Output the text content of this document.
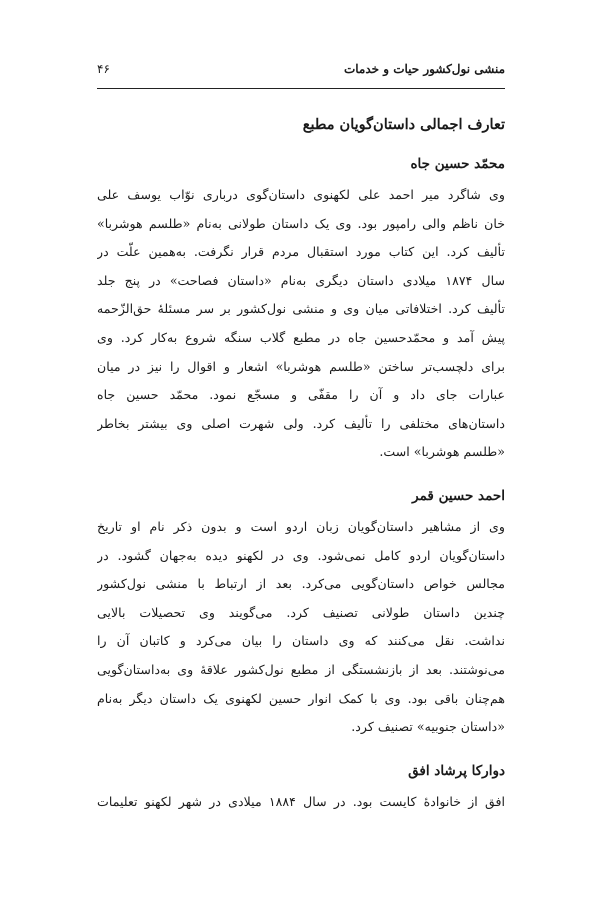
منشی نول‌کشور حیات و خدمات
۴۶
تعارف اجمالی داستان‌گویان مطبع
محمّد حسین جاه

وی شاگرد میر احمد علی لکهنوی داستان‌گوی درباری نوّاب یوسف علی
خان ناظم والی رامپور بود. وی یک داستان طولانی به‌نام «طلسم هوشربا»
تألیف کرد. این کتاب مورد استقبال مردم قرار نگرفت. به‌همین علّت در
سال ۱۸۷۴ میلادی داستان دیگری به‌نام «داستان فصاحت» در پنج جلد
تألیف کرد. اختلافاتی میان وی و منشی نول‌کشور بر سر مسئلهٔ حق‌الزّحمه
پیش آمد و محمّدحسین جاه در مطبع گلاب سنگه شروع به‌کار کرد. وی
برای دلچسب‌تر ساختن «طلسم هوشربا» اشعار و اقوال را نیز در میان
عبارات جای داد و آن را مقفّی و مسجّع نمود. محمّد حسین جاه
داستان‌های مختلفی را تألیف کرد. ولی شهرت اصلی وی بیشتر بخاطر
«طلسم هوشربا» است.

احمد حسین قمر

وی از مشاهیر داستان‌گویان زبان اردو است و بدون ذکر نام او تاریخ
داستان‌گویان اردو کامل نمی‌شود. وی در لکهنو دیده به‌جهان گشود. در
مجالس خواص داستان‌گویی می‌کرد. بعد از ارتباط با منشی نول‌کشور
چندین داستان طولانی تصنیف کرد. می‌گویند وی تحصیلات بالایی
نداشت. نقل می‌کنند که وی داستان را بیان می‌کرد و کاتبان آن را
می‌نوشتند. بعد از بازنشستگی از مطبع نول‌کشور علاقهٔ وی به‌داستان‌گویی
هم‌چنان باقی بود. وی با کمک انوار حسین لکهنوی یک داستان دیگر به‌نام
«داستان جنوبیه» تصنیف کرد.

دوارکا پرشاد افق

افق از خانوادهٔ کایست بود. در سال ۱۸۸۴ میلادی در شهر لکهنو تعلیمات
